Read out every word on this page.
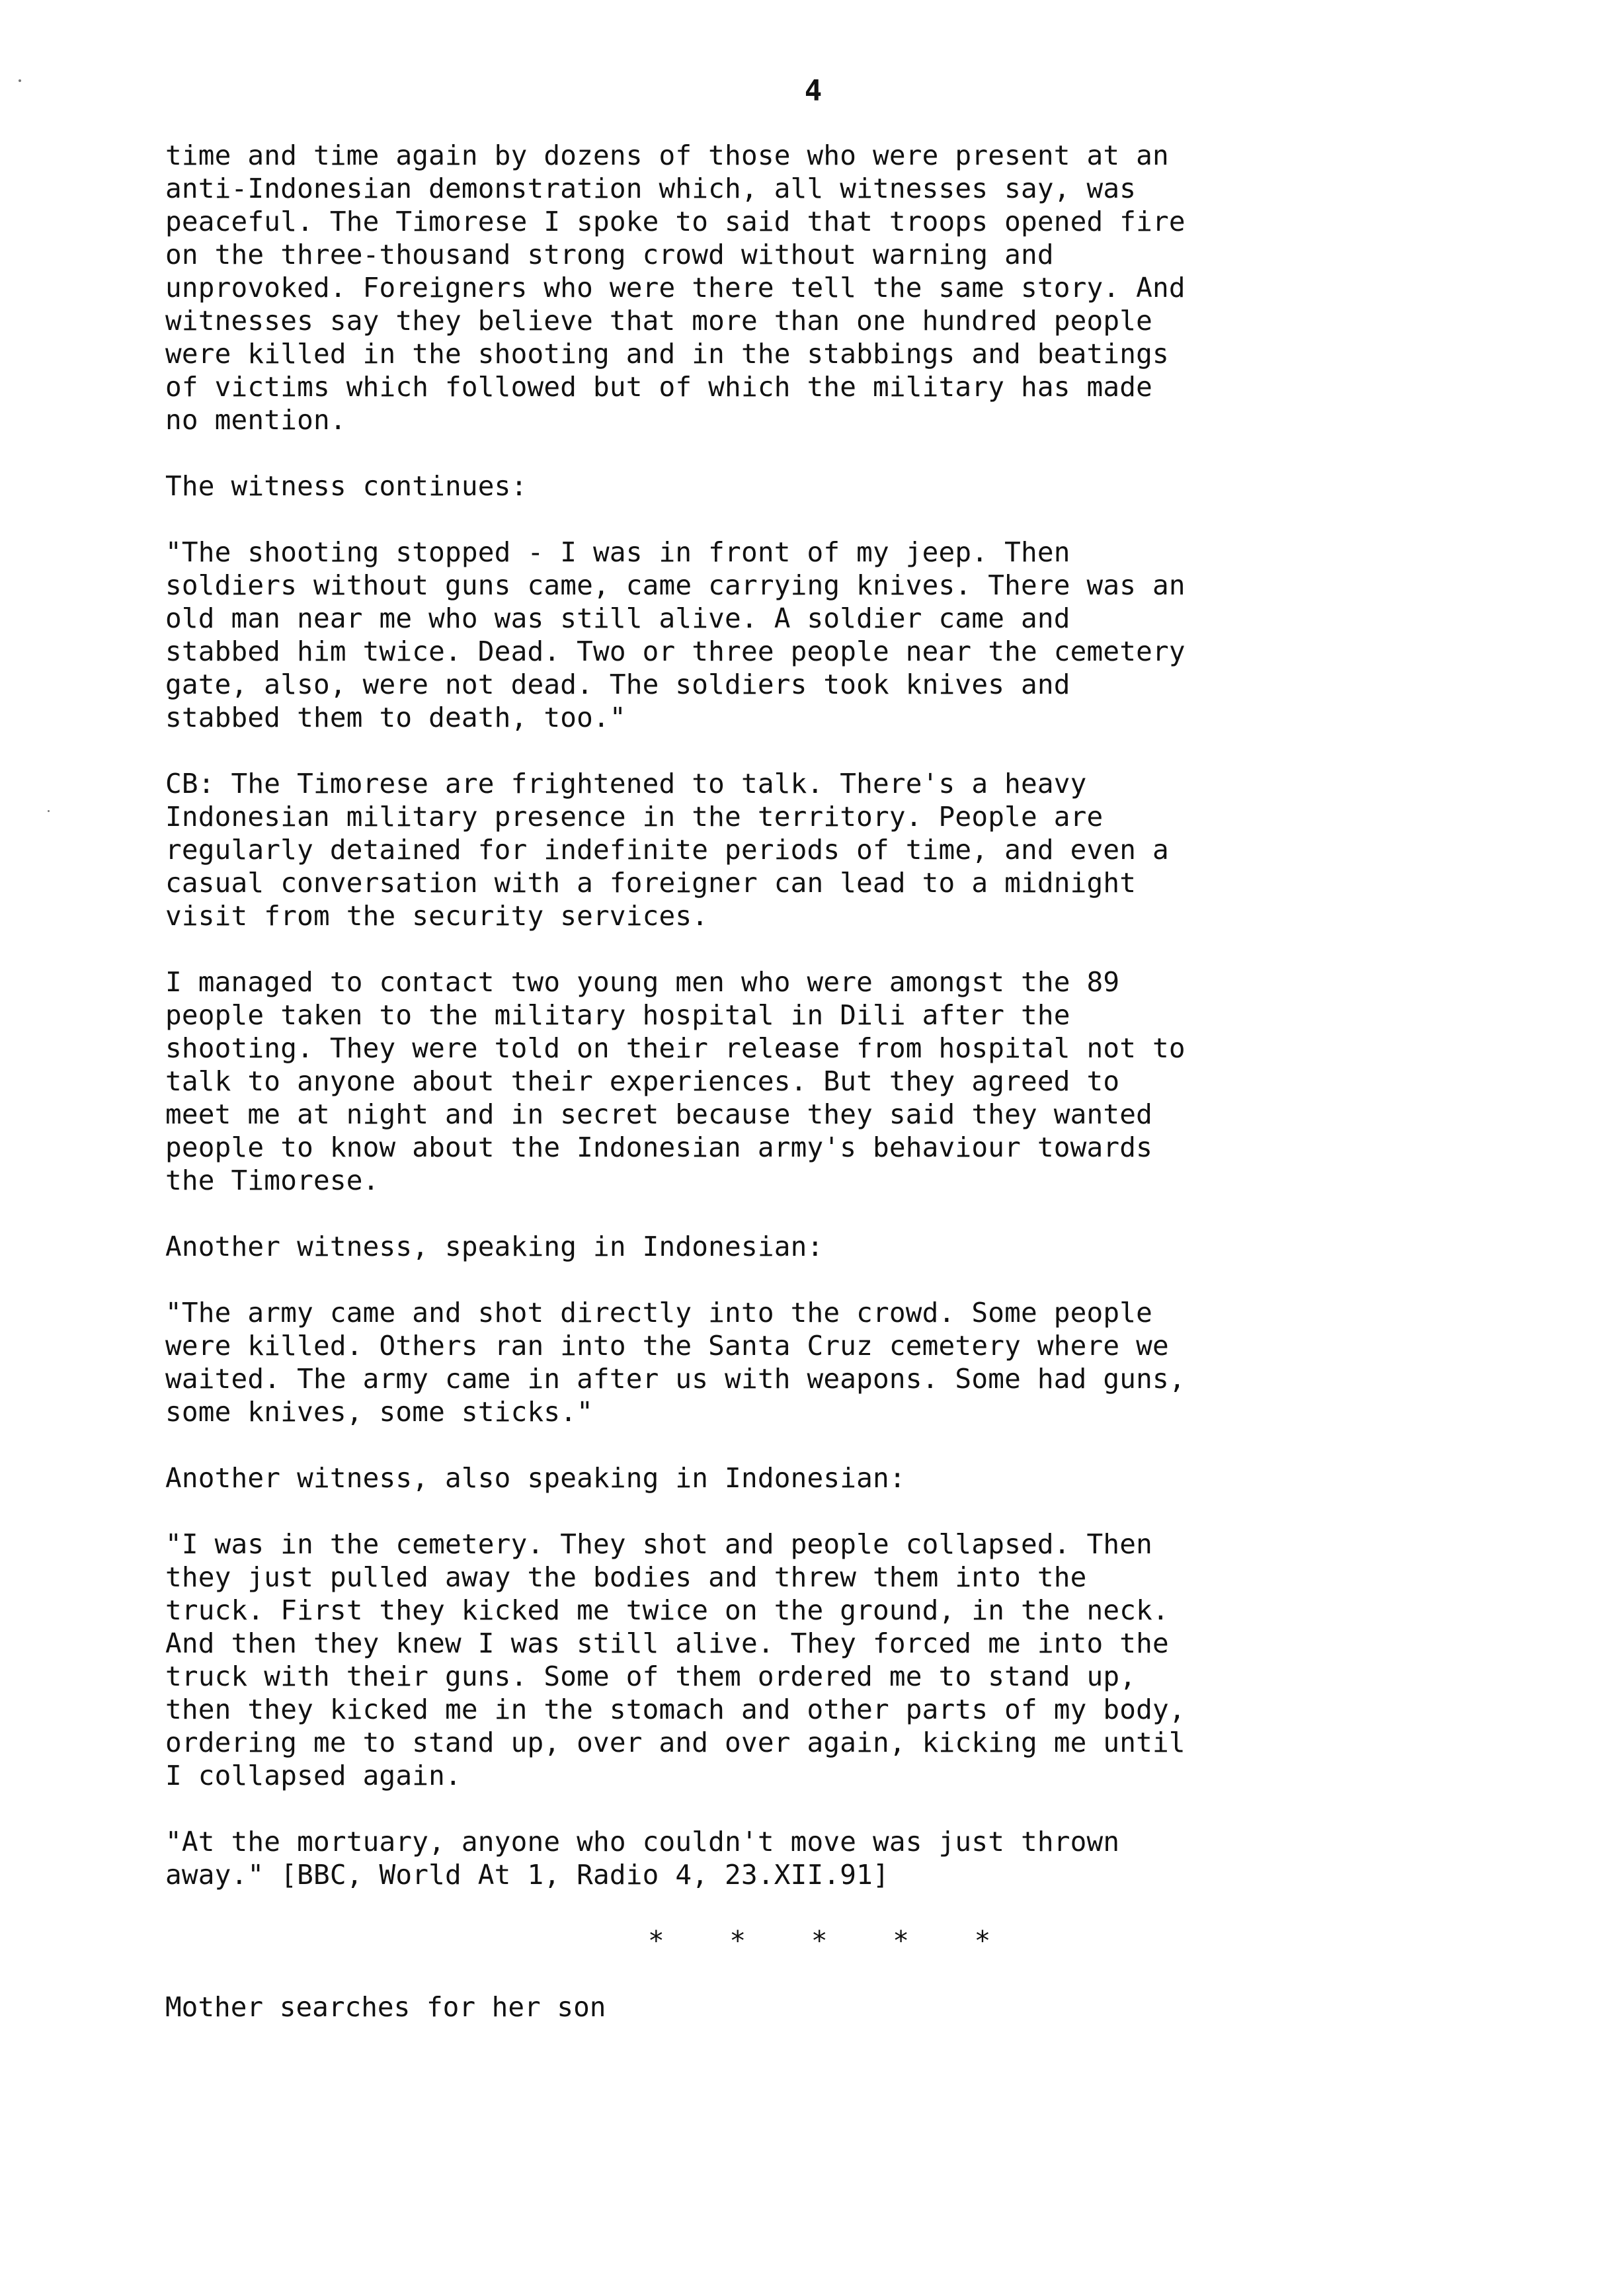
4

time and time again by dozens of those who were present at an
anti-Indonesian demonstration which, all witnesses say, was
peaceful. The Timorese I spoke to said that troops opened fire
on the three-thousand strong crowd without warning and
unprovoked. Foreigners who were there tell the same story. And
witnesses say they believe that more than one hundred people
were killed in the shooting and in the stabbings and beatings
of victims which followed but of which the military has made
no mention.

The witness continues:

"The shooting stopped - I was in front of my jeep. Then
soldiers without guns came, came carrying knives. There was an
old man near me who was still alive. A soldier came and
stabbed him twice. Dead. Two or three people near the cemetery
gate, also, were not dead. The soldiers took knives and
stabbed them to death, too."

CB: The Timorese are frightened to talk. There's a heavy
Indonesian military presence in the territory. People are
regularly detained for indefinite periods of time, and even a
casual conversation with a foreigner can lead to a midnight
visit from the security services.

I managed to contact two young men who were amongst the 89
people taken to the military hospital in Dili after the
shooting. They were told on their release from hospital not to
talk to anyone about their experiences. But they agreed to
meet me at night and in secret because they said they wanted
people to know about the Indonesian army's behaviour towards
the Timorese.

Another witness, speaking in Indonesian:

"The army came and shot directly into the crowd. Some people
were killed. Others ran into the Santa Cruz cemetery where we
waited. The army came in after us with weapons. Some had guns,
some knives, some sticks."

Another witness, also speaking in Indonesian:

"I was in the cemetery. They shot and people collapsed. Then
they just pulled away the bodies and threw them into the
truck. First they kicked me twice on the ground, in the neck.
And then they knew I was still alive. They forced me into the
truck with their guns. Some of them ordered me to stand up,
then they kicked me in the stomach and other parts of my body,
ordering me to stand up, over and over again, kicking me until
I collapsed again.

"At the mortuary, anyone who couldn't move was just thrown
away." [BBC, World At 1, Radio 4, 23.XII.91]

*    *    *    *    *

Mother searches for her son
